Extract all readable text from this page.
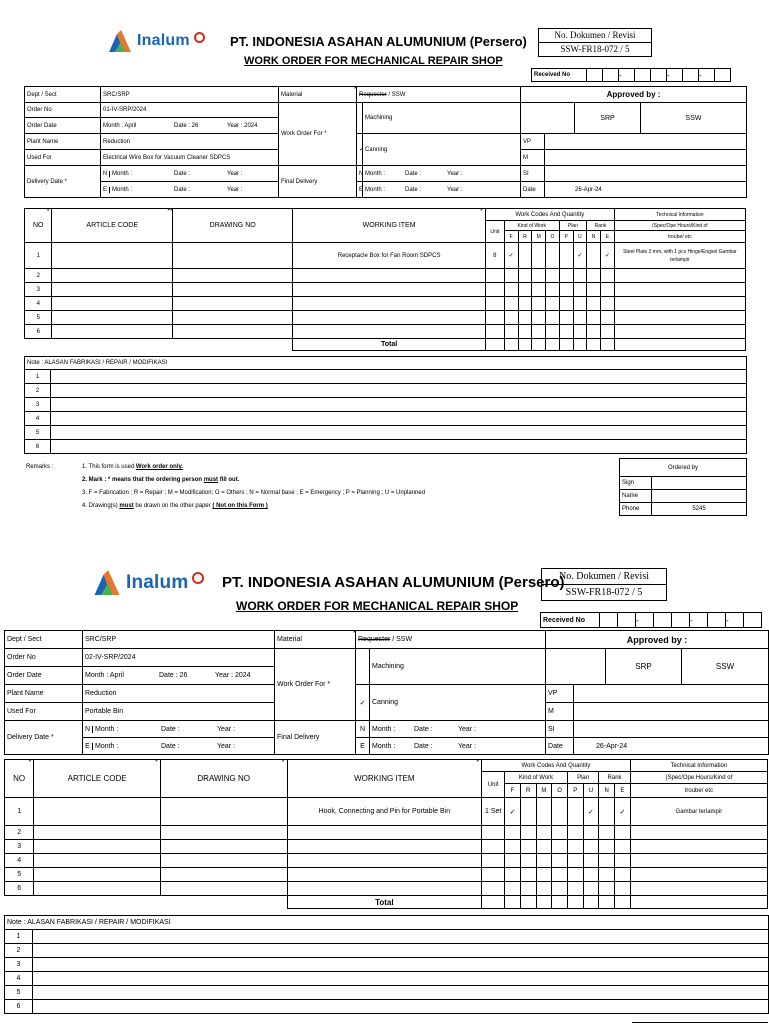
Inalum	PT. INDONESIA ASAHAN ALUMUNIUM (Persero)
WORK ORDER FOR MECHANICAL REPAIR SHOP
No. Dokumen / Revisi
SSW-FR18-072 / 5
Received No	-	-	-
Dept / Sect	SRC/SRP	Material	*
Requester / SSW		Approved by :			
Order No	01-IV-SRP/2024	Work Order For *		Machining			SRP	SSW
Order Date	Month : April Date : 26 Year : 2024							

Plant Name	Reduction		✓	Canning	VP			
Used For	Electrical Wire Box for Vacuum Cleaner SDPCS				M			
Delivery Date *	N Month : Date : Year :	Final Delivery	N	Month : Date : Year :	SI			
	E Month : Date : Year :		E	Month : Date : Year :	Date	26-Apr-24		
*
NO	*
ARTICLE CODE	*
DRAWING NO	*
WORKING ITEM	Work Codes And Quantity									Technical Information
				Unit	Kind of Work				Plan		Rank		(Spec/Ope Hours/Kind of
					F	R	M	O	P	U	N	E	troube/ etc
1			Receptacle Box for Fan Room SDPCS	8	✓					✓		✓	Steel Plate 2 mm, with 1 pcs Hinge/Engsel Gambar terlampir
2													
3													
4													
5													
6													
			Total										
Note : ALASAN FABRIKASI / REPAIR / MODIFIKASI	
1	
2	
3	
4	
5	
6	
Remarks :	1. This form is used Work order only.
2. Mark : * means that the ordering person must fill out.
3. F = Fabrication ; R = Repair ; M = Modification; O = Others ; N = Normal base ; E = Emergency ; P = Planning ; U = Unplanned
4. Drawing(s) must be drawn on the other paper ( Not on this Form )
Ordered by	
Sign	
Name	
Phone	5245
Inalum PT. INDONESIA ASAHAN ALUMUNIUM (Persero)
WORK ORDER FOR MECHANICAL REPAIR SHOP
No. Dokumen / Revisi
SSW-FR18-072 / 5
Received No	-	-	-
Dept / Sect	SRC/SRP	Material	*
Requester / SSW		Approved by :			
Order No	02-IV-SRP/2024	Work Order For *		Machining			SRP	SSW
Order Date	Month : April Date : 26 Year : 2024							

Plant Name	Reduction		✓	Canning	VP			
Used For	Portable Bin				M			
Delivery Date *	N Month : Date : Year :	Final Delivery	N	Month : Date : Year :	SI			
	E Month : Date : Year :		E	Month : Date : Year :	Date	26-Apr-24		
*
NO	*
ARTICLE CODE	*
DRAWING NO	*
WORKING ITEM	Work Codes And Quantity									Technical Information
				Unit	Kind of Work				Plan		Rank		(Spec/Ope Hours/Kind of
					F	R	M	O	P	U	N	E	troube/ etc
1			Hook, Connecting and Pin for Portable Bin	1 Set	✓					✓		✓	Gambar terlampir
2													
3													
4													
5													
6													
			Total										
Note : ALASAN FABRIKASI / REPAIR / MODIFIKASI	
1	
2	
3	
4	
5	
6	
